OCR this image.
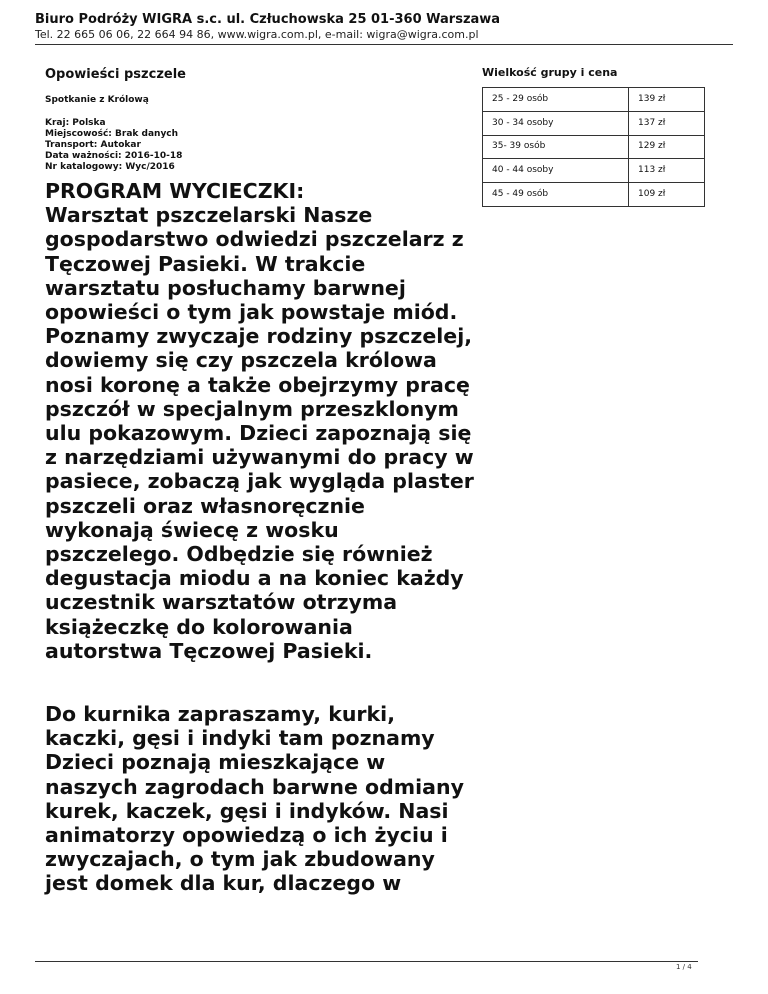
Biuro Podróży WIGRA s.c. ul. Człuchowska 25 01-360 Warszawa
Tel. 22 665 06 06, 22 664 94 86, www.wigra.com.pl, e-mail: wigra@wigra.com.pl
Opowieści pszczele
Spotkanie z Królową
Kraj: Polska
Miejscowość: Brak danych
Transport: Autokar
Data ważności: 2016-10-18
Nr katalogowy: Wyc/2016

PROGRAM WYCIECZKI:
Warsztat pszczelarski Nasze gospodarstwo odwiedzi pszczelarz z Tęczowej Pasieki. W trakcie warsztatu posłuchamy barwnej opowieści o tym jak powstaje miód. Poznamy zwyczaje rodziny pszczelej, dowiemy się czy pszczela królowa nosi koronę a także obejrzymy pracę pszczół w specjalnym przeszklonym ulu pokazowym. Dzieci zapoznają się z narzędziami używanymi do pracy w pasiece, zobaczą jak wygląda plaster pszczeli oraz własnoręcznie wykonają świecę z wosku pszczelego. Odbędzie się również degustacja miodu a na koniec każdy uczestnik warsztatów otrzyma książeczkę do kolorowania autorstwa Tęczowej Pasieki.

Do kurnika zapraszamy, kurki, kaczki, gęsi i indyki tam poznamy Dzieci poznają mieszkające w naszych zagrodach barwne odmiany kurek, kaczek, gęsi i indyków. Nasi animatorzy opowiedzą o ich życiu i zwyczajach, o tym jak zbudowany jest domek dla kur, dlaczego w

Wielkość grupy i cena
25 - 29 osób	139 zł
30 - 34 osoby	137 zł
35- 39 osób	129 zł
40 - 44 osoby	113 zł
45 - 49 osób	109 zł
1 / 4
